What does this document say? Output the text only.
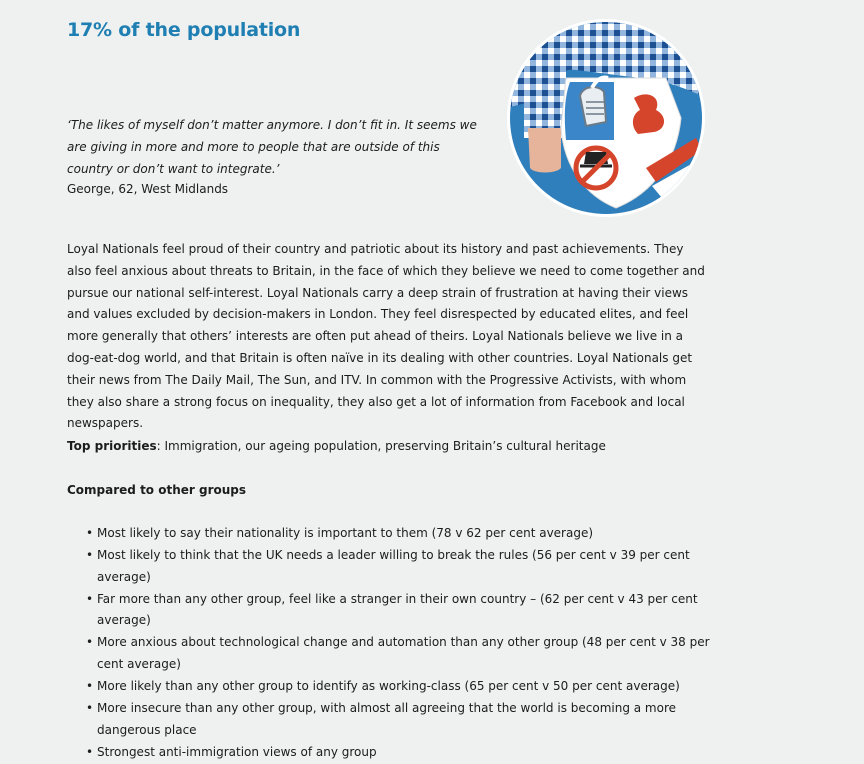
17% of the population

‘The likes of myself don’t matter anymore. I don’t fit in. It seems we are giving in more and more to people that are outside of this country or don’t want to integrate.’

George, 62, West Midlands

Loyal Nationals feel proud of their country and patriotic about its history and past achievements. They also feel anxious about threats to Britain, in the face of which they believe we need to come together and pursue our national self-interest. Loyal Nationals carry a deep strain of frustration at having their views and values excluded by decision-makers in London. They feel disrespected by educated elites, and feel more generally that others’ interests are often put ahead of theirs. Loyal Nationals believe we live in a dog-eat-dog world, and that Britain is often naïve in its dealing with other countries. Loyal Nationals get their news from The Daily Mail, The Sun, and ITV. In common with the Progressive Activists, with whom they also share a strong focus on inequality, they also get a lot of information from Facebook and local newspapers.

Top priorities: Immigration, our ageing population, preserving Britain’s cultural heritage

Compared to other groups

• Most likely to say their nationality is important to them (78 v 62 per cent average)
• Most likely to think that the UK needs a leader willing to break the rules (56 per cent v 39 per cent average)
• Far more than any other group, feel like a stranger in their own country – (62 per cent v 43 per cent average)
• More anxious about technological change and automation than any other group (48 per cent v 38 per cent average)
• More likely than any other group to identify as working-class (65 per cent v 50 per cent average)
• More insecure than any other group, with almost all agreeing that the world is becoming a more dangerous place
• Strongest anti-immigration views of any group
